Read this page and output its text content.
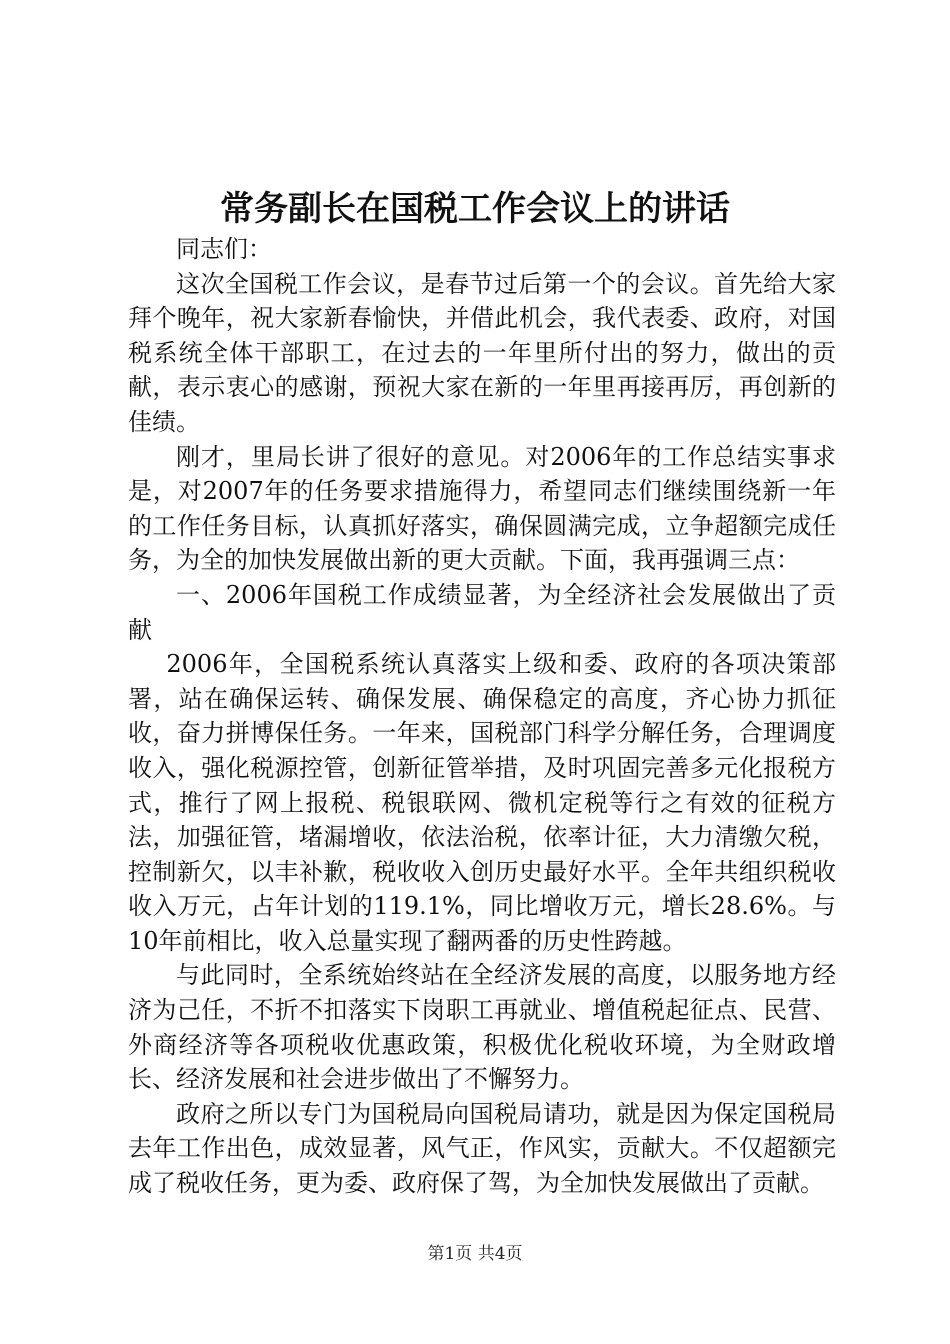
常务副长在国税工作会议上的讲话

同志们：

这次全国税工作会议，是春节过后第一个的会议。首先给大家拜个晚年，祝大家新春愉快，并借此机会，我代表委、政府，对国税系统全体干部职工，在过去的一年里所付出的努力，做出的贡献，表示衷心的感谢，预祝大家在新的一年里再接再厉，再创新的佳绩。

刚才，里局长讲了很好的意见。对2006年的工作总结实事求是，对2007年的任务要求措施得力，希望同志们继续围绕新一年的工作任务目标，认真抓好落实，确保圆满完成，立争超额完成任务，为全的加快发展做出新的更大贡献。下面，我再强调三点：

一、2006年国税工作成绩显著，为全经济社会发展做出了贡献

2006年，全国税系统认真落实上级和委、政府的各项决策部署，站在确保运转、确保发展、确保稳定的高度，齐心协力抓征收，奋力拼博保任务。一年来，国税部门科学分解任务，合理调度收入，强化税源控管，创新征管举措，及时巩固完善多元化报税方式，推行了网上报税、税银联网、微机定税等行之有效的征税方法，加强征管，堵漏增收，依法治税，依率计征，大力清缴欠税，控制新欠，以丰补歉，税收收入创历史最好水平。全年共组织税收收入万元，占年计划的119.1%，同比增收万元，增长28.6%。与10年前相比，收入总量实现了翻两番的历史性跨越。

与此同时，全系统始终站在全经济发展的高度，以服务地方经济为己任，不折不扣落实下岗职工再就业、增值税起征点、民营、外商经济等各项税收优惠政策，积极优化税收环境，为全财政增长、经济发展和社会进步做出了不懈努力。

政府之所以专门为国税局向国税局请功，就是因为保定国税局去年工作出色，成效显著，风气正，作风实，贡献大。不仅超额完成了税收任务，更为委、政府保了驾，为全加快发展做出了贡献。

第1页 共4页
